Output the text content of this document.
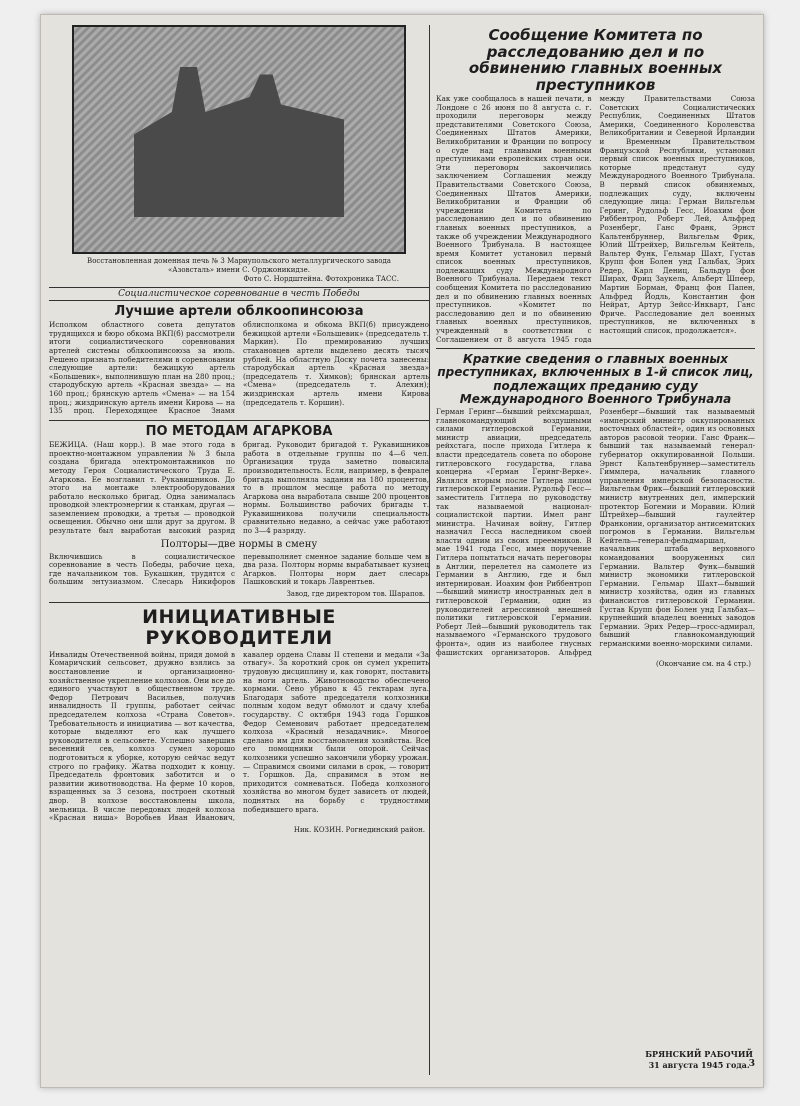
Восстановленная доменная печь № 3 Мариупольского металлургического завода «Азовсталь» имени С. Орджоникидзе.
Фото С. Нордштейна. Фотохроника ТАСС.
Социалистическое соревнование в честь Победы
Лучшие артели облкоопинсоюза
Исполком областного совета депутатов трудящихся и бюро обкома ВКП(б) рассмотрели итоги социалистического соревнования артелей системы облкоопинсоюза за июль. Решено признать победителями в соревновании следующие артели: бежицкую артель «Большевик», выполнившую план на 280 проц.; стародубскую артель «Красная звезда» — на 160 проц.; брянскую артель «Смена» — на 154 проц.; жиздринскую артель имени Кирова — на 135 проц. Переходящее Красное Знамя облисполкома и обкома ВКП(б) присуждено бежицкой артели «Большевик» (председатель т. Маркин). По премированию лучших стахановцев артели выделено десять тысяч рублей. На областную Доску почета занесены: стародубская артель «Красная звезда» (председатель т. Химков); брянская артель «Смена» (председатель т. Алехин); жиздринская артель имени Кирова (председатель т. Коршин).
ПО МЕТОДАМ АГАРКОВА
БЕЖИЦА. (Наш корр.). В мае этого года в проектно-монтажном управлении № 3 была создана бригада электромонтажников по методу Героя Социалистического Труда Е. Агаркова. Ее возглавил т. Рукавишников. До этого на монтаже электрооборудования работало несколько бригад. Одна занималась проводкой электроэнергии к станкам, другая — заземлением проводки, а третья — проводкой освещения. Обычно они шли друг за другом. В результате был выработан высокий разряд бригад. Руководит бригадой т. Рукавишников работа в отдельные группы по 4—6 чел. Организация труда заметно повысила производительность. Если, например, в феврале бригада выполняла задания на 180 процентов, то в прошлом месяце работа по методу Агаркова она выработала свыше 200 процентов нормы. Большинство рабочих бригады т. Рукавишникова получили специальность сравнительно недавно, а сейчас уже работают по 3—4 разряду.
Полторы—две нормы в смену
Включившись в социалистическое соревнование в честь Победы, рабочие цеха, где начальником тов. Букашкин, трудятся с большим энтузиазмом. Слесарь Никифоров перевыполняет сменное задание больше чем в два раза. Полторы нормы вырабатывает кузнец Агарков. Полторы норм дает слесарь Пашковский и токарь Лаврентьев.
Завод, где директором тов. Шарапов.
ИНИЦИАТИВНЫЕ РУКОВОДИТЕЛИ
Инвалиды Отечественной войны, придя домой в Комаричский сельсовет, дружно взялись за восстановление и организационно-хозяйственное укрепление колхозов. Они все до единого участвуют в общественном труде. Федор Петрович Васильев, получив инвалидность II группы, работает сейчас председателем колхоза «Страна Советов». Требовательность и инициатива — вот качества, которые выделяют его как лучшего руководителя в сельсовете. Успешно завершив весенний сев, колхоз сумел хорошо подготовиться к уборке, которую сейчас ведут строго по графику. Жатва подходит к концу. Председатель фронтовик заботится и о развитии животноводства. На ферме 10 коров, взращенных за 3 сезона, построен скотный двор. В колхозе восстановлены школа, мельница. В числе передовых людей колхоза «Красная ниша» Воробьев Иван Иванович, кавалер ордена Славы II степени и медали «За отвагу». За короткий срок он сумел укрепить трудовую дисциплину и, как говорят, поставить на ноги артель. Животноводство обеспечено кормами. Сено убрано к 45 гектарам луга. Благодаря заботе председателя колхозники полным ходом ведут обмолот и сдачу хлеба государству. С октября 1943 года Горшков Федор Семенович работает председателем колхоза «Красный незадачник». Многое сделано им для восстановления хозяйства. Все его помощники были опорой. Сейчас колхозники успешно закончили уборку урожая. — Справимся своими силами в срок, — говорит т. Горшков. Да, справимся в этом не приходится сомневаться. Победа колхозного хозяйства во многом будет зависеть от людей, поднятых на борьбу с трудностями победившего врага.
Ник. КОЗИН. Рогнединский район.
Сообщение Комитета по расследованию дел и по обвинению главных военных преступников
Как уже сообщалось в нашей печати, в Лондоне с 26 июня по 8 августа с. г. проходили переговоры между представителями Советского Союза, Соединенных Штатов Америки, Великобритании и Франции по вопросу о суде над главными военными преступниками европейских стран оси. Эти переговоры закончились заключением Соглашения между Правительствами Советского Союза, Соединенных Штатов Америки, Великобритании и Франции об учреждении Комитета по расследованию дел и по обвинению главных военных преступников, а также об учреждении Международного Военного Трибунала. В настоящее время Комитет установил первый список военных преступников, подлежащих суду Международного Военного Трибунала. Передаем текст сообщения Комитета по расследованию дел и по обвинению главных военных преступников. «Комитет по расследованию дел и по обвинению главных военных преступников, учрежденный в соответствии с Соглашением от 8 августа 1945 года между Правительствами Союза Советских Социалистических Республик, Соединенных Штатов Америки, Соединенного Королевства Великобритании и Северной Ирландии и Временным Правительством Французской Республики, установил первый список военных преступников, которые предстанут суду Международного Военного Трибунала. В первый список обвиняемых, подлежащих суду, включены следующие лица: Герман Вильгельм Геринг, Рудольф Гесс, Иоахим фон Риббентроп, Роберт Лей, Альфред Розенберг, Ганс Франк, Эрнст Кальтенбруннер, Вильгельм Фрик, Юлий Штрейхер, Вильгельм Кейтель, Вальтер Функ, Гельмар Шахт, Густав Крупп фон Болен унд Гальбах, Эрих Редер, Карл Дениц, Бальдур фон Ширах, Фриц Заукель, Альберт Шпеер, Мартин Борман, Франц фон Папен, Альфред Йодль, Константин фон Нейрат, Артур Зейсс-Инкварт, Ганс Фриче. Расследование дел военных преступников, не включенных в настоящий список, продолжается».
Краткие сведения о главных военных преступниках, включенных в 1-й список лиц, подлежащих преданию суду Международного Военного Трибунала
Герман Геринг—бывший рейхсмаршал, главнокомандующий воздушными силами гитлеровской Германии, министр авиации, председатель рейхстага, после прихода Гитлера к власти председатель совета по обороне гитлеровского государства, глава концерна «Герман Геринг-Верке». Являлся вторым после Гитлера лицом гитлеровской Германии. Рудольф Гесс—заместитель Гитлера по руководству так называемой национал-социалистской партии. Имел ранг министра. Начиная войну, Гитлер назначил Гесса наследником своей власти одним из своих преемников. В мае 1941 года Гесс, имея поручение Гитлера попытаться начать переговоры в Англии, перелетел на самолете из Германии в Англию, где и был интернирован. Иоахим фон Риббентроп—бывший министр иностранных дел в гитлеровской Германии, один из руководителей агрессивной внешней политики гитлеровской Германии. Роберт Лей—бывший руководитель так называемого «Германского трудового фронта», один из наиболее гнусных фашистских организаторов. Альфред Розенберг—бывший так называемый «имперский министр оккупированных восточных областей», один из основных авторов расовой теории. Ганс Франк—бывший так называемый генерал-губернатор оккупированной Польши. Эрнст Кальтенбруннер—заместитель Гиммлера, начальник главного управления имперской безопасности. Вильгельм Фрик—бывший гитлеровский министр внутренних дел, имперский протектор Богемии и Моравии. Юлий Штрейхер—бывший гаулейтер Франконии, организатор антисемитских погромов в Германии. Вильгельм Кейтель—генерал-фельдмаршал, начальник штаба верховного командования вооруженных сил Германии. Вальтер Функ—бывший министр экономики гитлеровской Германии. Гельмар Шахт—бывший министр хозяйства, один из главных финансистов гитлеровской Германии. Густав Крупп фон Болен унд Гальбах—крупнейший владелец военных заводов Германии. Эрих Редер—гросс-адмирал, бывший главнокомандующий германскими военно-морскими силами.
(Окончание см. на 4 стр.)
БРЯНСКИЙ РАБОЧИЙ
31 августа 1945 года. 3
